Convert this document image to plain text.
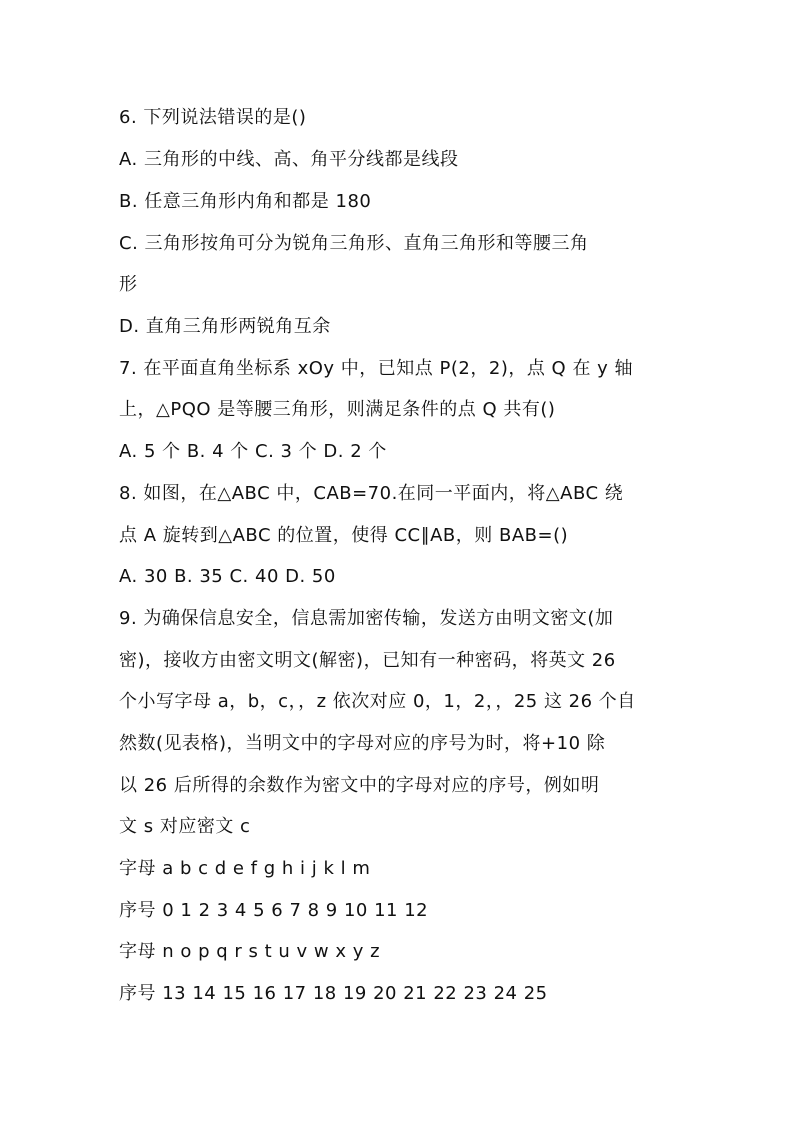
6. 下列说法错误的是()
A. 三角形的中线、高、角平分线都是线段
B. 任意三角形内角和都是 180
C. 三角形按角可分为锐角三角形、直角三角形和等腰三角
形
D. 直角三角形两锐角互余
7. 在平面直角坐标系 xOy 中，已知点 P(2，2)，点 Q 在 y 轴
上，△PQO 是等腰三角形，则满足条件的点 Q 共有()
A. 5 个 B. 4 个 C. 3 个 D. 2 个
8. 如图，在△ABC 中，CAB=70.在同一平面内，将△ABC 绕
点 A 旋转到△ABC 的位置，使得 CC∥AB，则 BAB=()
A. 30 B. 35 C. 40 D. 50
9. 为确保信息安全，信息需加密传输，发送方由明文密文(加
密)，接收方由密文明文(解密)，已知有一种密码，将英文 26
个小写字母 a，b，c，，z 依次对应 0，1，2，，25 这 26 个自
然数(见表格)，当明文中的字母对应的序号为时，将+10 除
以 26 后所得的余数作为密文中的字母对应的序号，例如明
文 s 对应密文 c
字母 a b c d e f g h i j k l m
序号 0 1 2 3 4 5 6 7 8 9 10 11 12
字母 n o p q r s t u v w x y z
序号 13 14 15 16 17 18 19 20 21 22 23 24 25
